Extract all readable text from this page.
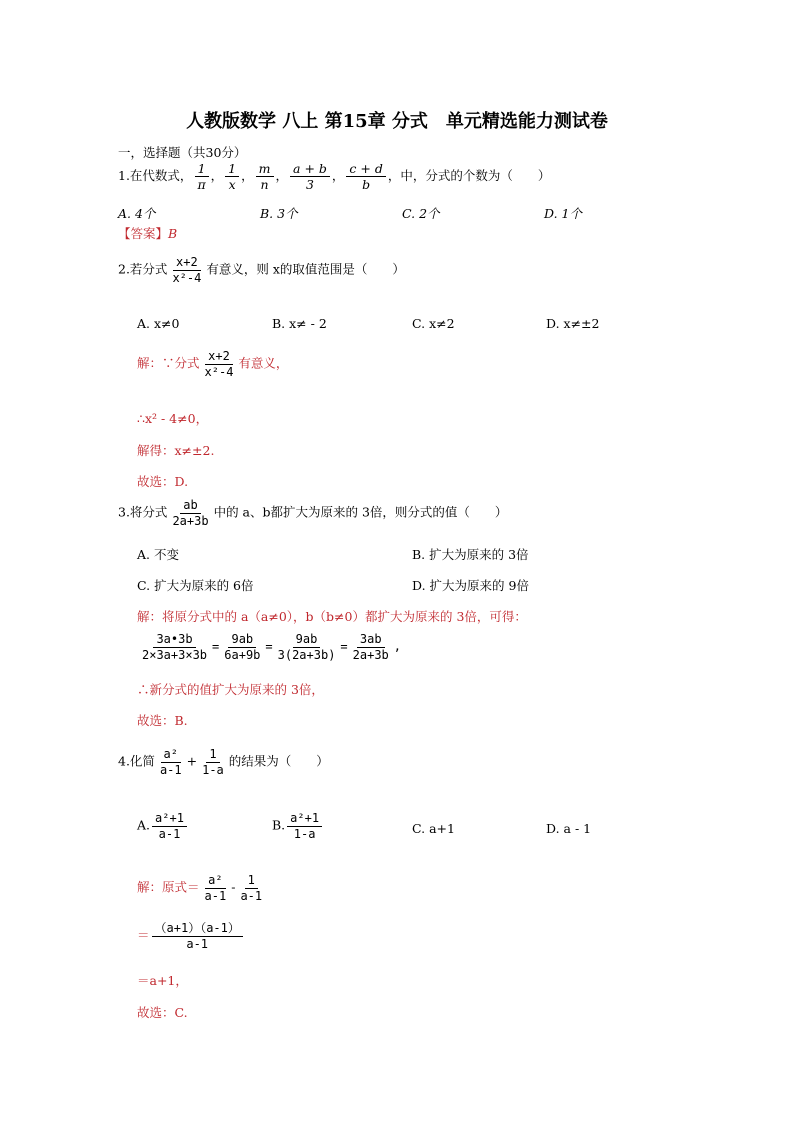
人教版数学 八上 第15章 分式　单元精选能力测试卷
一，选择题（共30分）
1.在代数式， $\frac{1}{\pi}$ ， $\frac{1}{x}$ ， $\frac{m}{n}$ ， $\frac{a + b}{3}$ ， $\frac{c + d}{b}$ ，中，分式的个数为（　　）
A. 4个	B. 3个	C. 2个	D. 1个
【答案】B
2.若分式 $\frac{x+2}{\text{x²-4}}$ 有意义，则 x的取值范围是（　　）
A. x≠0	B. x≠ - 2	C. x≠2	D. x≠±2
解：∵分式 $\frac{x+2}{\text{x²-4}}$ 有意义，
∴x² - 4≠0，
解得：x≠±2.
故选：D.
3.将分式 $\frac{ab}{2a+3b}$ 中的 a、b都扩大为原来的 3倍，则分式的值（　　）
A. 不变	B. 扩大为原来的 3倍
C. 扩大为原来的 6倍	D. 扩大为原来的 9倍
解：将原分式中的 a（a≠0），b（b≠0）都扩大为原来的 3倍，可得：
$\frac{3a•3b}{2\times 3a+3\times 3b} = \frac{9ab}{6a+9b} = \frac{9ab}{3(2a+3b)} = \frac{3ab}{2a+3b}$ ,
∴新分式的值扩大为原来的 3倍，
故选：B.
4.化简 $\frac{\text{a²}}{a-1} + \frac{1}{1-a}$ 的结果为（　　）
A. $\frac{\text{a²+1}}{a-1}$	B. $\frac{\text{a²+1}}{1-a}$	C. a+1	D. a - 1
解：原式＝ $\frac{\text{a²}}{a-1} - \frac{1}{a-1}$
＝ $\frac{(a+1)(a-1)}{a-1}$
＝a+1，
故选：C.
